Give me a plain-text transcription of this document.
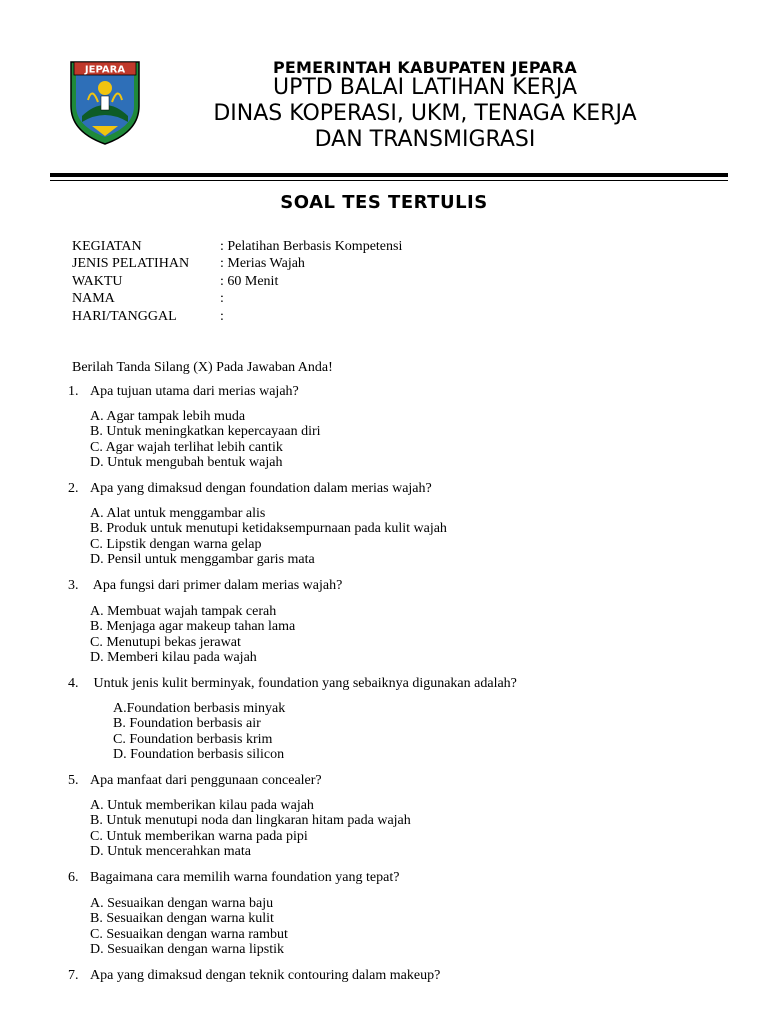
JEPARA	PEMERINTAH KABUPATEN JEPARA
UPTD BALAI LATIHAN KERJA
DINAS KOPERASI, UKM, TENAGA KERJA
DAN TRANSMIGRASI
SOAL TES TERTULIS
KEGIATAN	: Pelatihan Berbasis Kompetensi
JENIS PELATIHAN : Merias Wajah
WAKTU	: 60 Menit
NAMA	:
HARI/TANGGAL	:
Berilah Tanda Silang (X) Pada Jawaban Anda!
1. Apa tujuan utama dari merias wajah?
A. Agar tampak lebih muda
B. Untuk meningkatkan kepercayaan diri
C. Agar wajah terlihat lebih cantik
D. Untuk mengubah bentuk wajah
2. Apa yang dimaksud dengan foundation dalam merias wajah?
A. Alat untuk menggambar alis
B. Produk untuk menutupi ketidaksempurnaan pada kulit wajah
C. Lipstik dengan warna gelap
D. Pensil untuk menggambar garis mata
3. Apa fungsi dari primer dalam merias wajah?
A. Membuat wajah tampak cerah
B. Menjaga agar makeup tahan lama
C. Menutupi bekas jerawat
D. Memberi kilau pada wajah
4. Untuk jenis kulit berminyak, foundation yang sebaiknya digunakan adalah?
A.Foundation berbasis minyak
B. Foundation berbasis air
C. Foundation berbasis krim
D. Foundation berbasis silicon
5. Apa manfaat dari penggunaan concealer?
A. Untuk memberikan kilau pada wajah
B. Untuk menutupi noda dan lingkaran hitam pada wajah
C. Untuk memberikan warna pada pipi
D. Untuk mencerahkan mata
6. Bagaimana cara memilih warna foundation yang tepat?
A. Sesuaikan dengan warna baju
B. Sesuaikan dengan warna kulit
C. Sesuaikan dengan warna rambut
D. Sesuaikan dengan warna lipstik
7. Apa yang dimaksud dengan teknik contouring dalam makeup?
